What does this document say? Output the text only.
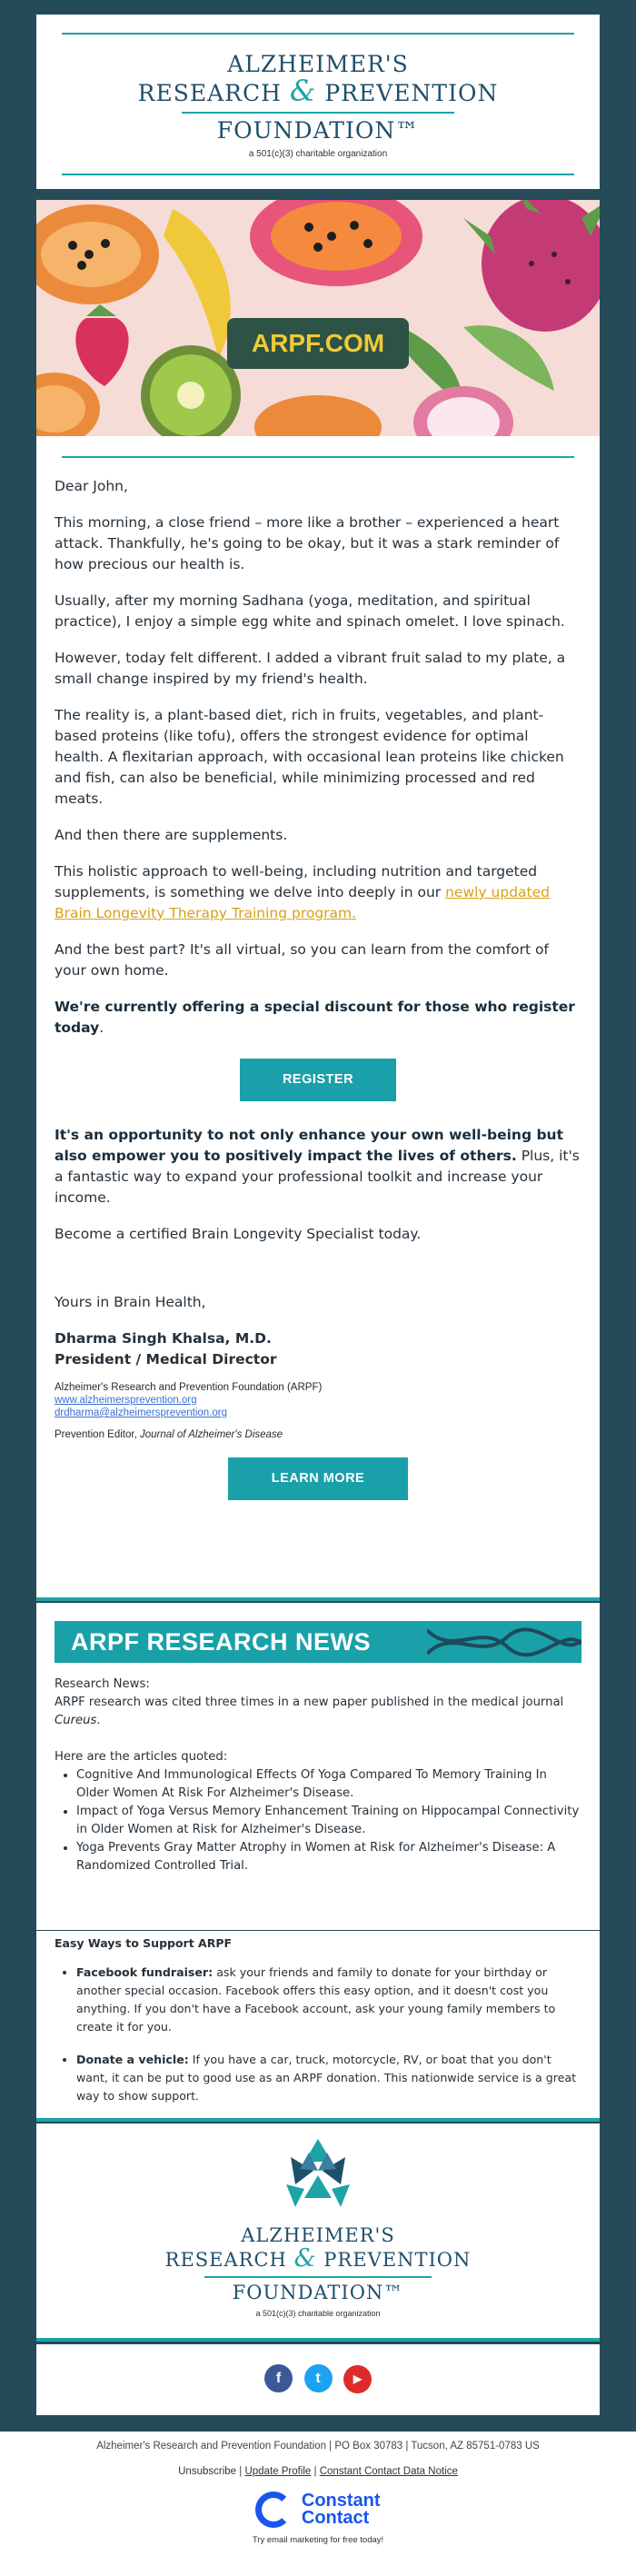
ALZHEIMER'S
RESEARCH & PREVENTION
FOUNDATION™
a 501(c)(3) charitable organization
ARPF.COM

Dear John,

This morning, a close friend – more like a brother – experienced a heart attack. Thankfully, he's going to be okay, but it was a stark reminder of how precious our health is.

Usually, after my morning Sadhana (yoga, meditation, and spiritual practice), I enjoy a simple egg white and spinach omelet. I love spinach.

However, today felt different. I added a vibrant fruit salad to my plate, a small change inspired by my friend's health.

The reality is, a plant-based diet, rich in fruits, vegetables, and plant-based proteins (like tofu), offers the strongest evidence for optimal health. A flexitarian approach, with occasional lean proteins like chicken and fish, can also be beneficial, while minimizing processed and red meats.

And then there are supplements.

This holistic approach to well-being, including nutrition and targeted supplements, is something we delve into deeply in our newly updated Brain Longevity Therapy Training program.

And the best part? It's all virtual, so you can learn from the comfort of your own home.

We're currently offering a special discount for those who register today.

REGISTER

It's an opportunity to not only enhance your own well-being but also empower you to positively impact the lives of others. Plus, it's a fantastic way to expand your professional toolkit and increase your income.

Become a certified Brain Longevity Specialist today.

Yours in Brain Health,

Dharma Singh Khalsa, M.D.

President / Medical Director

Alzheimer's Research and Prevention Foundation (ARPF)
www.alzheimersprevention.org
drdharma@alzheimersprevention.org
Prevention Editor, Journal of Alzheimer's Disease
LEARN MORE
ARPF RESEARCH NEWS
Research News:
ARPF research was cited three times in a new paper published in the medical journal Cureus.
Here are the articles quoted:
• Cognitive And Immunological Effects Of Yoga Compared To Memory Training In Older Women At Risk For Alzheimer's Disease.
• Impact of Yoga Versus Memory Enhancement Training on Hippocampal Connectivity in Older Women at Risk for Alzheimer's Disease.
• Yoga Prevents Gray Matter Atrophy in Women at Risk for Alzheimer's Disease: A Randomized Controlled Trial.
Easy Ways to Support ARPF
• Facebook fundraiser: ask your friends and family to donate for your birthday or another special occasion. Facebook offers this easy option, and it doesn't cost you anything. If you don't have a Facebook account, ask your young family members to create it for you.
• Donate a vehicle: If you have a car, truck, motorcycle, RV, or boat that you don't want, it can be put to good use as an ARPF donation. This nationwide service is a great way to show support.
ALZHEIMER'S
RESEARCH & PREVENTION
FOUNDATION™
a 501(c)(3) charitable organization
f t	▶
Alzheimer's Research and Prevention Foundation | PO Box 30783 | Tucson, AZ 85751-0783 US
Unsubscribe | Update Profile | Constant Contact Data Notice

Constant
Contact
Try email marketing for free today!
